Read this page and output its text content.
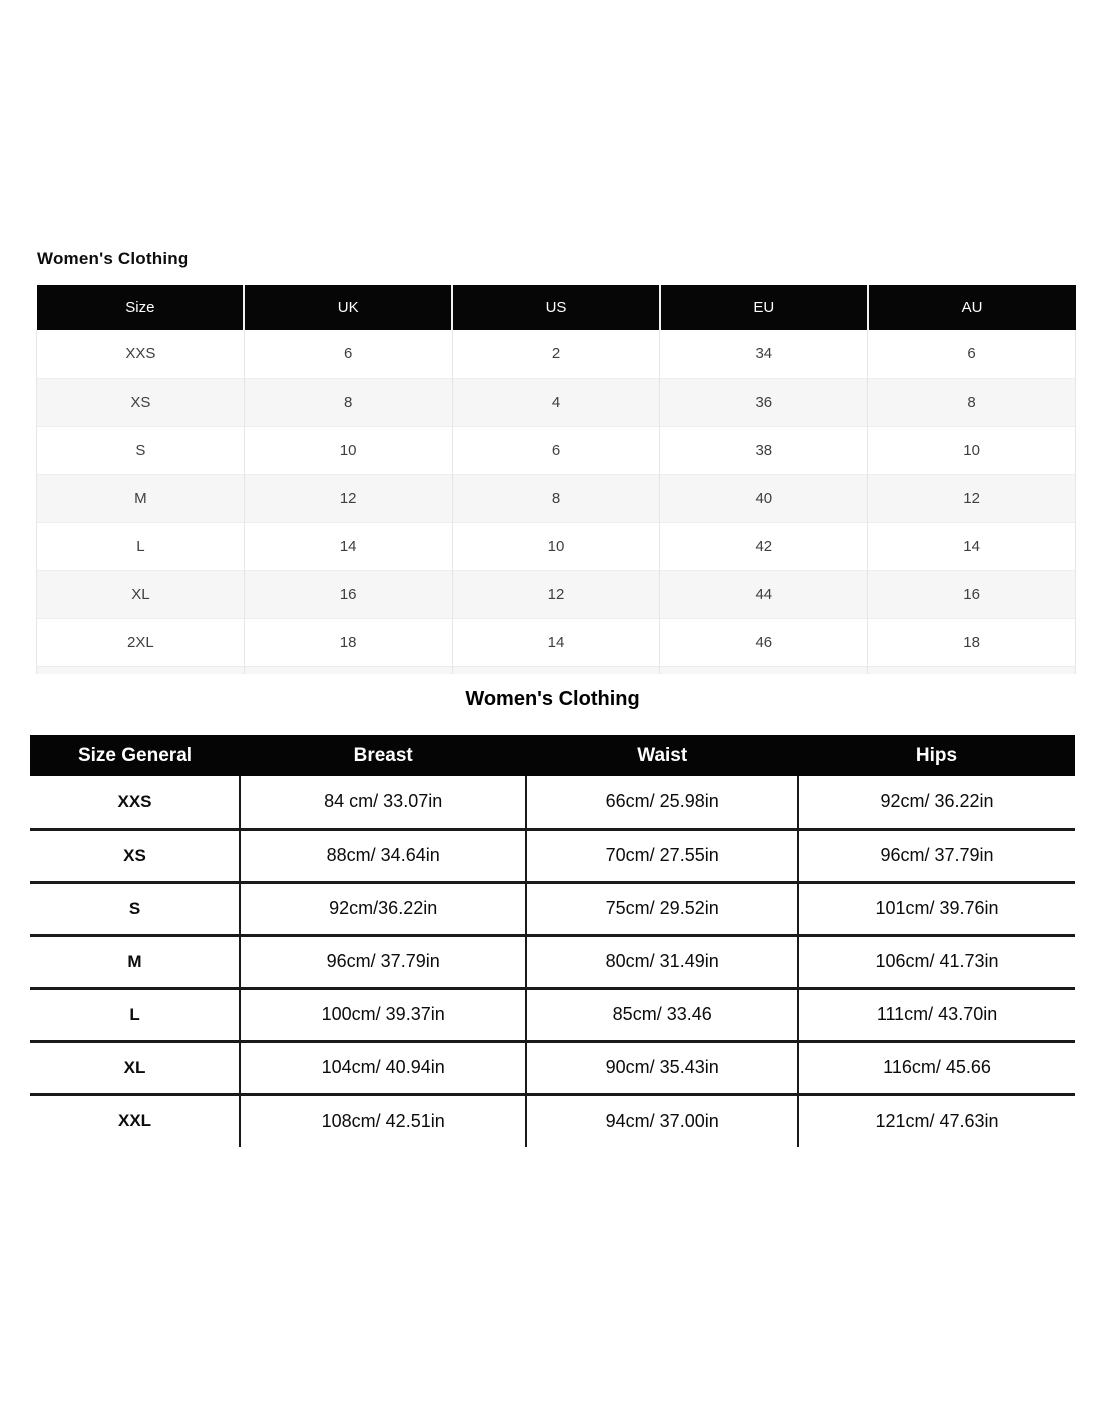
Women's Clothing
Size	UK	US	EU	AU
XXS	6	2	34	6
XS	8	4	36	8
S	10	6	38	10
M	12	8	40	12
L	14	10	42	14
XL	16	12	44	16
2XL	18	14	46	18
Women's Clothing
Size General	Breast	Waist	Hips
XXS	84 cm/ 33.07in	66cm/ 25.98in	92cm/ 36.22in
XS	88cm/ 34.64in	70cm/ 27.55in	96cm/ 37.79in
S	92cm/36.22in	75cm/ 29.52in	101cm/ 39.76in
M	96cm/ 37.79in	80cm/ 31.49in	106cm/ 41.73in
L	100cm/ 39.37in	85cm/ 33.46	111cm/ 43.70in
XL	104cm/ 40.94in	90cm/ 35.43in	116cm/ 45.66
XXL	108cm/ 42.51in	94cm/ 37.00in	121cm/ 47.63in
